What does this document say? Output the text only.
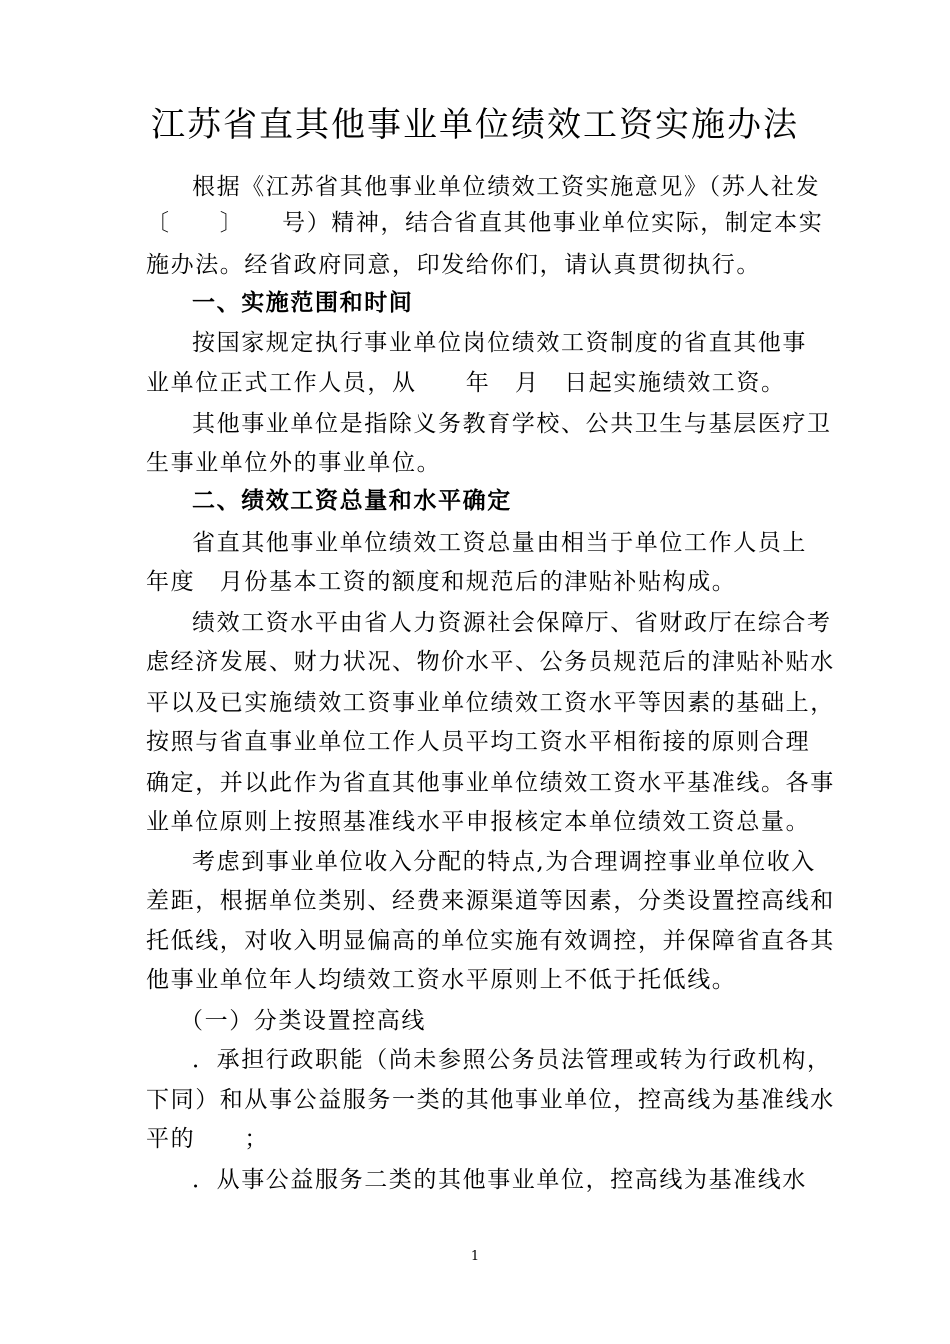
江苏省直其他事业单位绩效工资实施办法
根据《江苏省其他事业单位绩效工资实施意见》（苏人社发
〔　　〕　　号）精神，结合省直其他事业单位实际，制定本实
施办法。经省政府同意，印发给你们，请认真贯彻执行。
一、实施范围和时间
按国家规定执行事业单位岗位绩效工资制度的省直其他事
业单位正式工作人员，从　　年　月　日起实施绩效工资。
其他事业单位是指除义务教育学校、公共卫生与基层医疗卫
生事业单位外的事业单位。
二、绩效工资总量和水平确定
省直其他事业单位绩效工资总量由相当于单位工作人员上
年度　月份基本工资的额度和规范后的津贴补贴构成。
绩效工资水平由省人力资源社会保障厅、省财政厅在综合考
虑经济发展、财力状况、物价水平、公务员规范后的津贴补贴水
平以及已实施绩效工资事业单位绩效工资水平等因素的基础上，
按照与省直事业单位工作人员平均工资水平相衔接的原则合理
确定，并以此作为省直其他事业单位绩效工资水平基准线。各事
业单位原则上按照基准线水平申报核定本单位绩效工资总量。
考虑到事业单位收入分配的特点,为合理调控事业单位收入
差距，根据单位类别、经费来源渠道等因素，分类设置控高线和
托低线，对收入明显偏高的单位实施有效调控，并保障省直各其
他事业单位年人均绩效工资水平原则上不低于托低线。
（一）分类设置控高线
．承担行政职能（尚未参照公务员法管理或转为行政机构，
下同）和从事公益服务一类的其他事业单位，控高线为基准线水
平的　　；
．从事公益服务二类的其他事业单位，控高线为基准线水
1
